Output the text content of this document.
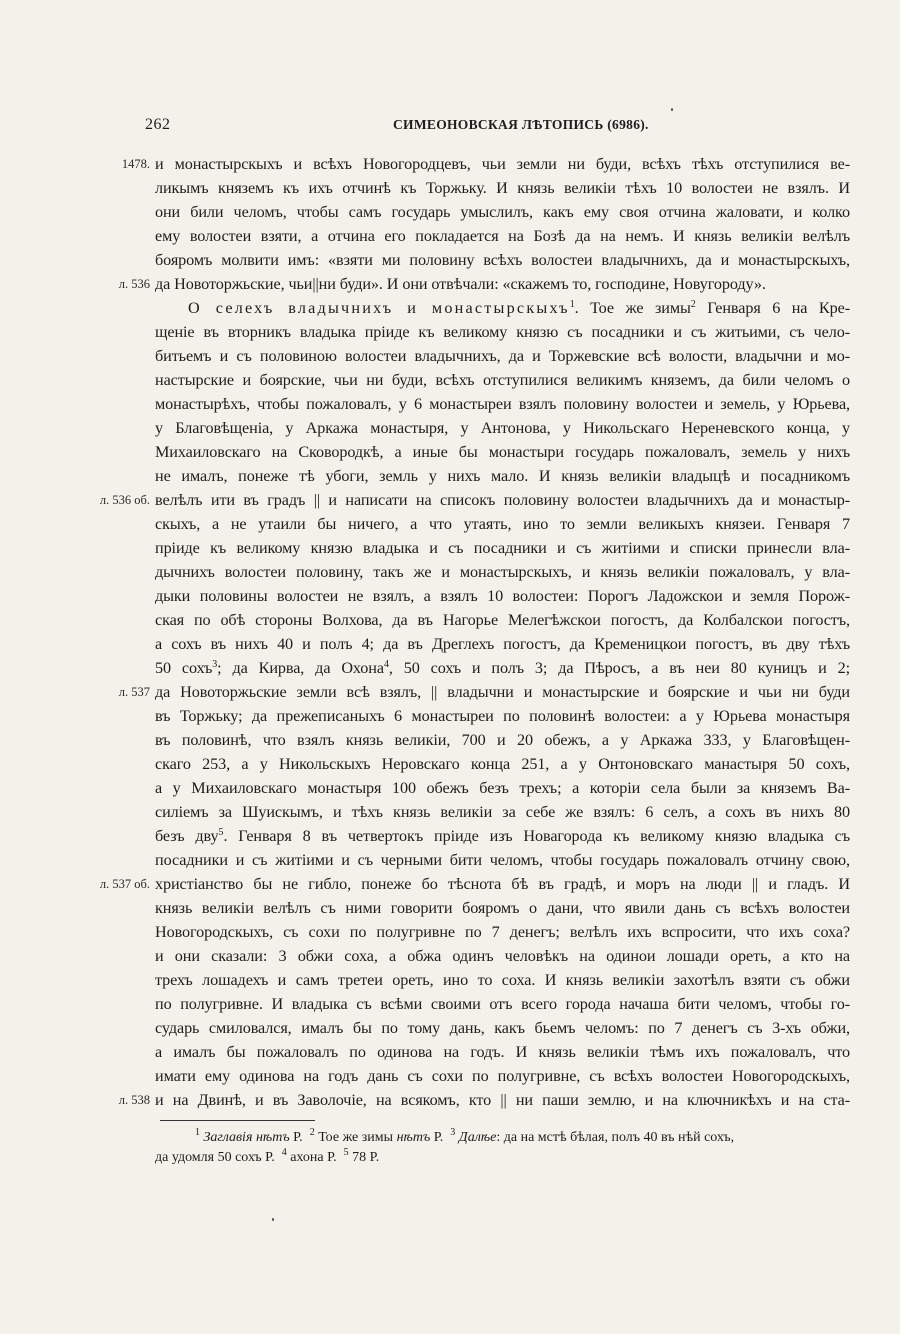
262	СИМЕОНОВСКАЯ ЛѢТОПИСЬ (6986).
1478. и монастырскыхъ и всѣхъ Новогородцевъ, чьи земли ни буди, всѣхъ тѣхъ отступилися ве-
ликымъ княземъ къ ихъ отчинѣ къ Торжьку. И князь великiи тѣхъ 10 волостеи не взялъ. И
они били челомъ, чтобы самъ государь умыслилъ, какъ ему своя отчина жаловати, и колко
ему волостеи взяти, а отчина его покладается на Бозѣ да на немъ. И князь великiи велѣлъ
бояромъ молвити имъ: «взяти ми половину всѣхъ волостеи владычнихъ, да и монастырскыхъ,
л. 536 да Новоторжьские, чьи||ни буди». И они отвѣчали: «скажемъ то, господине, Новугороду».
О селехъ владычнихъ и монастырскыхъ$^1$. Тое же зимы$^2$ Генваря 6 на Кре-
щенiе въ вторникъ владыка прiиде къ великому князю съ посадники и съ житьими, съ чело-
битьемъ и съ половиною волостеи владычнихъ, да и Торжевские всѣ волости, владычни и мо-
настырские и боярские, чьи ни буди, всѣхъ отступилися великимъ княземъ, да били челомъ о
монастырѣхъ, чтобы пожаловалъ, у 6 монастыреи взялъ половину волостеи и земель, у Юрьева,
у Благовѣщенiа, у Аркажа монастыря, у Антонова, у Никольскаго Нереневского конца, у
Михаиловскаго на Сковородкѣ, а иные бы монастыри государь пожаловалъ, земель у нихъ
не ималъ, понеже тѣ убоги, земль у нихъ мало. И князь великiи владыцѣ и посадникомъ
л. 536 об. велѣлъ ити въ градъ || и написати на списокъ половину волостеи владычнихъ да и монастыр-
скыхъ, а не утаили бы ничего, а что утаять, ино то земли великыхъ князеи. Генваря 7
прiиде къ великому князю владыка и съ посадники и съ житiими и списки принесли вла-
дычнихъ волостеи половину, такъ же и монастырскыхъ, и князь великiи пожаловалъ, у вла-
дыки половины волостеи не взялъ, а взялъ 10 волостеи: Порогъ Ладожскои и земля Порож-
ская по обѣ стороны Волхова, да въ Нагорье Мелегѣжскои погостъ, да Колбалскои погостъ,
а сохъ въ нихъ 40 и полъ 4; да въ Дреглехъ погостъ, да Кременицкои погостъ, въ дву тѣхъ
50 сохъ$^3$; да Кирва, да Охона$^4$, 50 сохъ и полъ 3; да Пѣросъ, а въ неи 80 куницъ и 2;
л. 537 да Новоторжьские земли всѣ взялъ, || владычни и монастырские и боярские и чьи ни буди
въ Торжьку; да прежеписаныхъ 6 монастыреи по половинѣ волостеи: а у Юрьева монастыря
въ половинѣ, что взялъ князь великiи, 700 и 20 обежъ, а у Аркажа 333, у Благовѣщен-
скаго 253, а у Никольскыхъ Неровскаго конца 251, а у Онтоновскаго манастыря 50 сохъ,
а у Михаиловскаго монастыря 100 обежъ безъ трехъ; а которiи села были за княземъ Ва-
силiемъ за Шуискымъ, и тѣхъ князь великiи за себе же взялъ: 6 селъ, а сохъ въ нихъ 80
безъ дву$^5$. Генваря 8 въ четвертокъ прiиде изъ Новагорода къ великому князю владыка съ
посадники и съ житiими и съ черными бити челомъ, чтобы государь пожаловалъ отчину свою,
л. 537 об. христiанство бы не гибло, понеже бо тѣснота бѣ въ градѣ, и моръ на люди || и гладъ. И
князь великiи велѣлъ съ ними говорити бояромъ о дани, что явили дань съ всѣхъ волостеи
Новогородскыхъ, съ сохи по полугривне по 7 денегъ; велѣлъ ихъ вспросити, что ихъ соха?
и они сказали: 3 обжи соха, а обжа одинъ человѣкъ на одинои лошади ореть, а кто на
трехъ лошадехъ и самъ третеи ореть, ино то соха. И князь великiи захотѣлъ взяти съ обжи
по полугривне. И владыка съ всѣми своими отъ всего города начаша бити челомъ, чтобы го-
сударь смиловался, ималъ бы по тому дань, какъ бьемъ челомъ: по 7 денегъ съ 3-хъ обжи,
а ималъ бы пожаловалъ по одинова на годъ. И князь великiи тѣмъ ихъ пожаловалъ, что
имати ему одинова на годъ дань съ сохи по полугривне, съ всѣхъ волостеи Новогородскыхъ,
л. 538 и на Двинѣ, и въ Заволочiе, на всякомъ, кто || ни паши землю, и на ключникѣхъ и на ста-
$^1$ Заглавiя нѣтъ Р. $^2$ Тое же зимы нѣтъ Р. $^3$ Далѣе: да на мстѣ бѣлая, полъ 40 въ нѣй сохъ,
да удомля 50 сохъ Р. $^4$ ахона Р. $^5$ 78 Р.
